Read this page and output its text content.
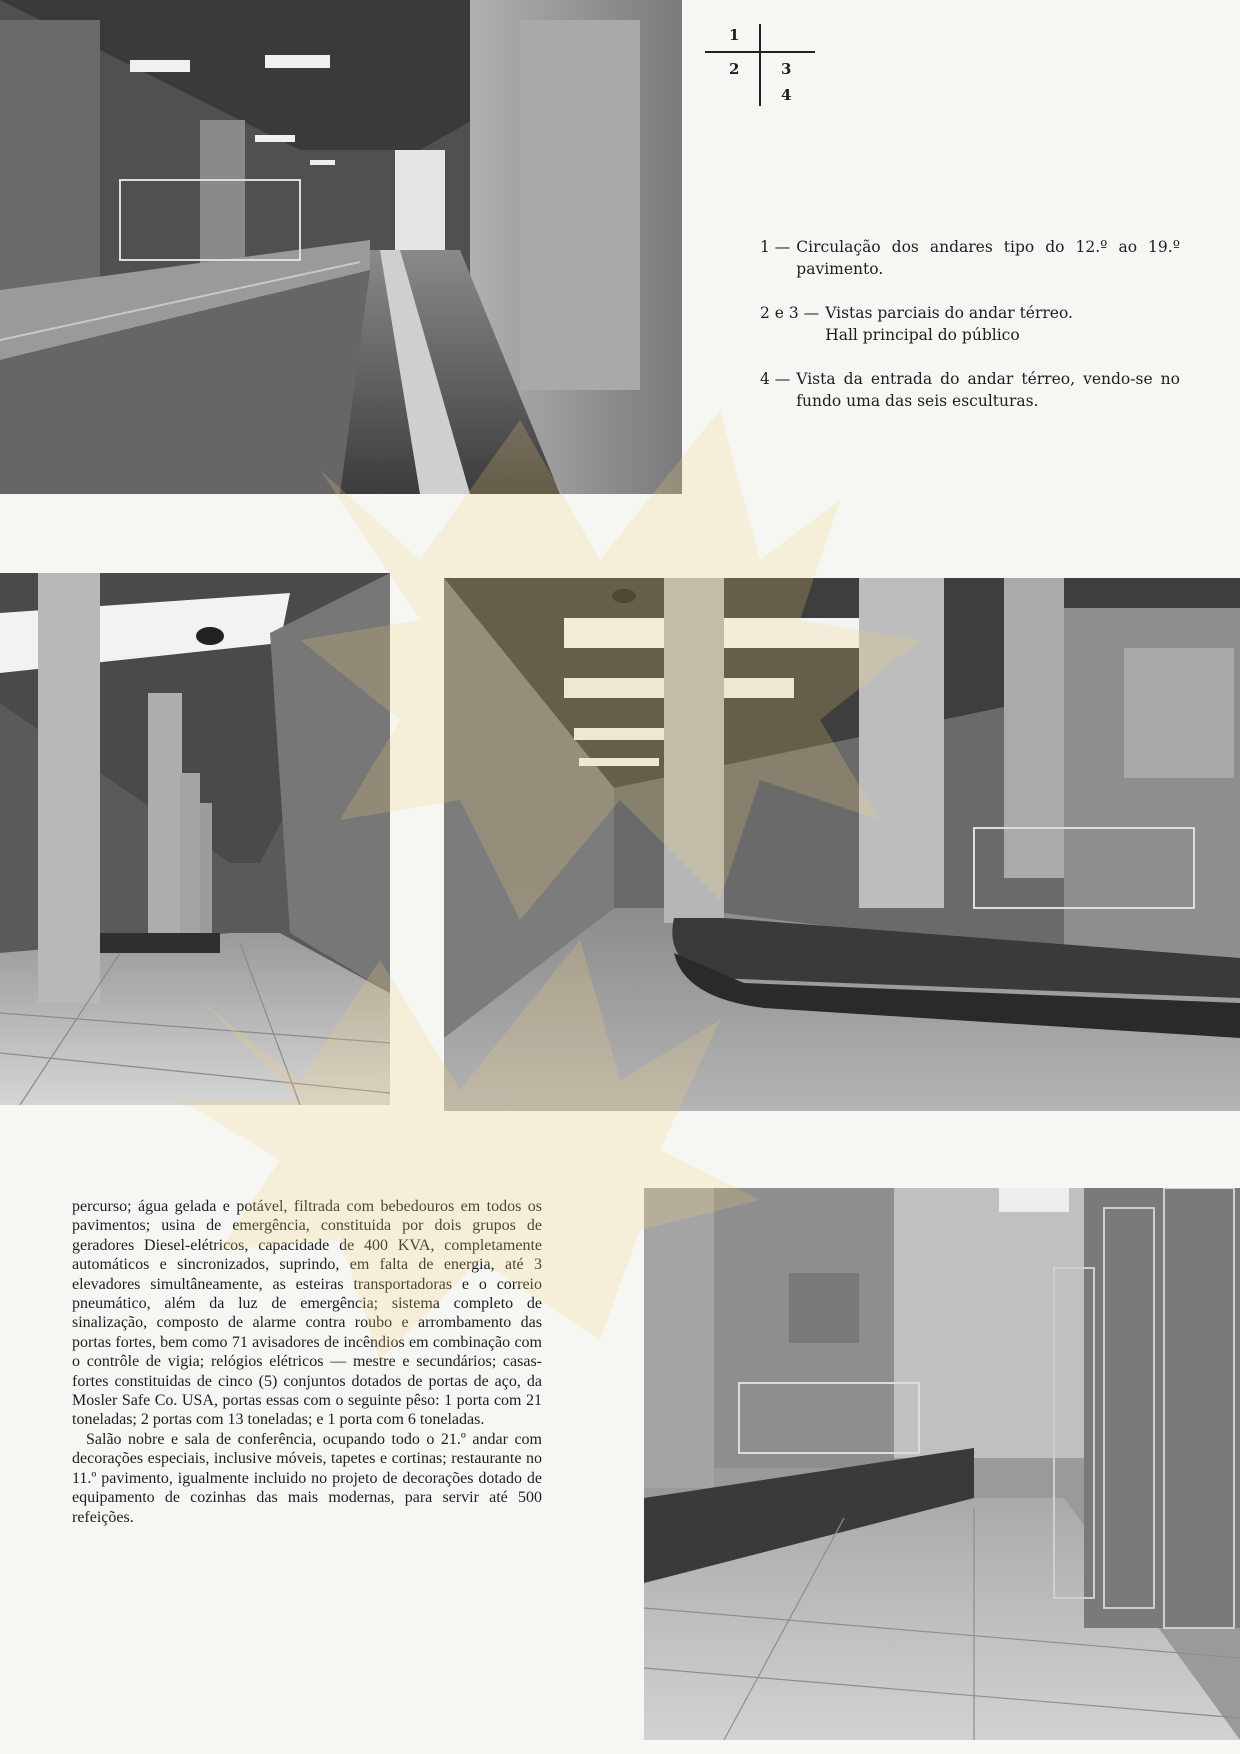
1
2	3
4
1 — Circulação dos andares tipo do 12.º ao 19.º pavimento.
2 e 3 — Vistas parciais do andar térreo.
Hall principal do público
4 — Vista da entrada do andar térreo, vendo-se no fundo uma das seis esculturas.

percurso; água gelada e potável, filtrada com bebedouros em todos os pavimentos; usina de emergência, constituida por dois grupos de geradores Diesel-elétricos, capacidade de 400 KVA, completamente automáticos e sincronizados, suprindo, em falta de energia, até 3 elevadores simultâneamente, as esteiras transportadoras e o correio pneumático, além da luz de emergência; sistema completo de sinalização, composto de alarme contra roubo e arrombamento das portas fortes, bem como 71 avisadores de incêndios em combinação com o contrôle de vigia; relógios elétricos — mestre e secundários; casas-fortes constituidas de cinco (5) conjuntos dotados de portas de aço, da Mosler Safe Co. USA, portas essas com o seguinte pêso: 1 porta com 21 toneladas; 2 portas com 13 toneladas; e 1 porta com 6 toneladas.

Salão nobre e sala de conferência, ocupando todo o 21.º andar com decorações especiais, inclusive móveis, tapetes e cortinas; restaurante no 11.º pavimento, igualmente incluido no projeto de decorações dotado de equipamento de cozinhas das mais modernas, para servir até 500 refeições.
